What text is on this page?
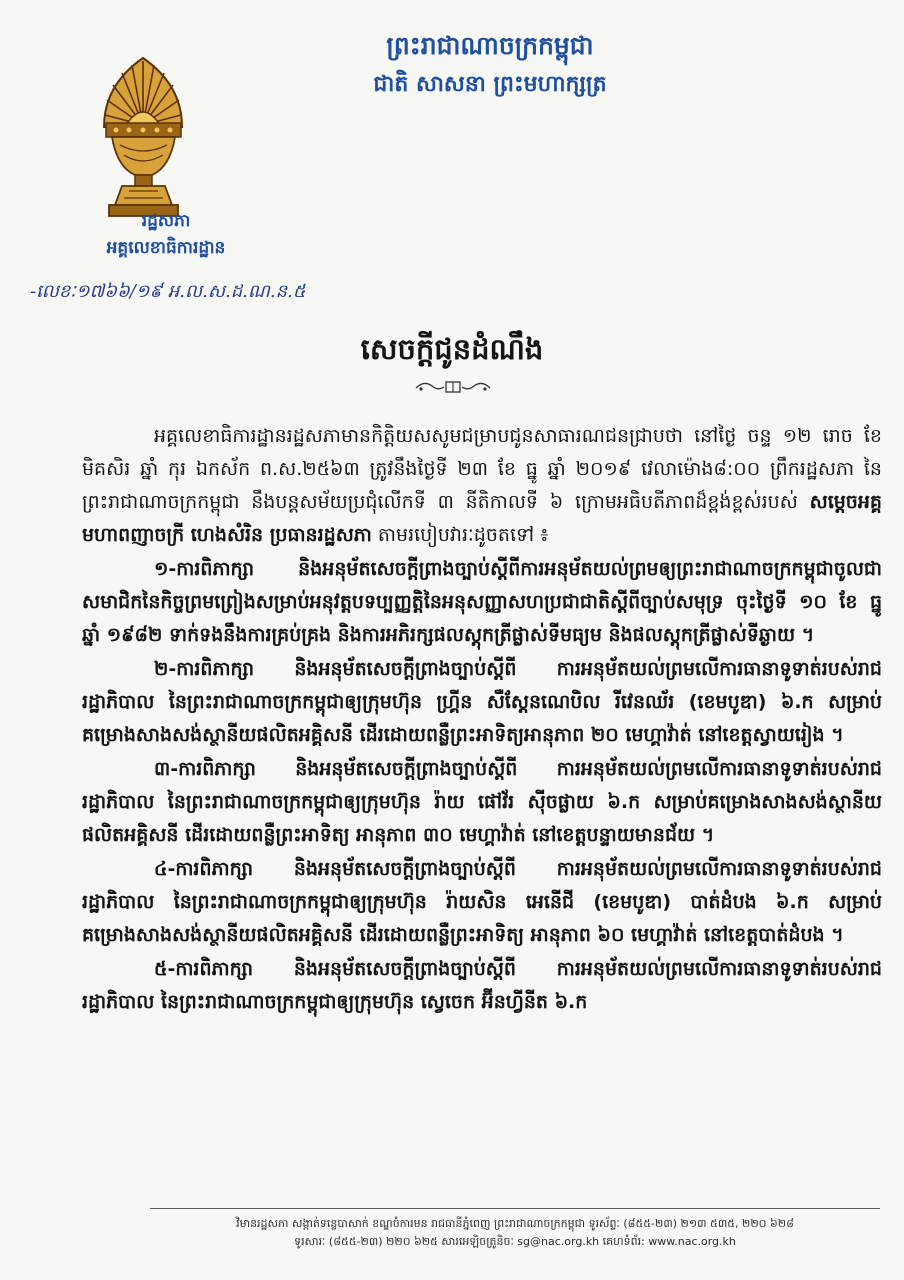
ព្រះរាជាណាចក្រកម្ពុជា
ជាតិ សាសនា ព្រះមហាក្សត្រ
រដ្ឋសភា
អគ្គលេខាធិការដ្ឋាន
-លេខៈ១៧៦៦/១៩ អ.ល.ស.ដ.ណ.ន.៥
សេចក្តីជូនដំណឹង

អគ្គលេខាធិការដ្ឋានរដ្ឋសភាមានកិត្តិយសសូមជម្រាបជូនសាធារណជនជ្រាបថា នៅថ្ងៃ ចន្ទ ១២ រោច ខែ មិគសិរ ឆ្នាំ កុរ ឯកស័ក ព.ស.២៥៦៣ ត្រូវនឹងថ្ងៃទី ២៣ ខែ ធ្នូ ឆ្នាំ ២០១៩ វេលាម៉ោង៨:០០ ព្រឹករដ្ឋសភា នៃព្រះរាជាណាចក្រកម្ពុជា នឹងបន្តសម័យប្រជុំលើកទី ៣ នីតិកាលទី ៦ ក្រោមអធិបតីភាពដ៏ខ្ពង់ខ្ពស់របស់ សម្តេចអគ្គមហាពញាចក្រី ហេងសំរិន ប្រធានរដ្ឋសភា តាមរបៀបវារៈដូចតទៅ ៖

១-ការពិភាក្សា និងអនុម័តសេចក្តីព្រាងច្បាប់ស្តីពីការអនុម័តយល់ព្រមឲ្យព្រះរាជាណាចក្រកម្ពុជាចូលជាសមាជិកនៃកិច្ចព្រមព្រៀងសម្រាប់អនុវត្តបទប្បញ្ញត្តិនៃអនុសញ្ញាសហប្រជាជាតិស្តីពីច្បាប់សមុទ្រ ចុះថ្ងៃទី ១០ ខែ ធ្នូ ឆ្នាំ ១៩៨២ ទាក់ទងនឹងការគ្រប់គ្រង និងការអភិរក្សផលស្តុកត្រីផ្លាស់ទីមធ្យម និងផលស្តុកត្រីផ្លាស់ទីឆ្ងាយ ។

២-ការពិភាក្សា និងអនុម័តសេចក្តីព្រាងច្បាប់ស្តីពី ការអនុម័តយល់ព្រមលើការធានាទូទាត់របស់រាជរដ្ឋាភិបាល នៃព្រះរាជាណាចក្រកម្ពុជាឲ្យក្រុមហ៊ុន ហ្គ្រីន សឺស្តែនណេបិល រីវេនឈ័រ (ខេមបូឌា) ៦.ក សម្រាប់គម្រោងសាងសង់ស្ថានីយផលិតអគ្គិសនី ដើរដោយពន្លឺព្រះអាទិត្យអានុភាព ២០ មេហ្គាវ៉ាត់ នៅខេត្តស្វាយរៀង ។

៣-ការពិភាក្សា និងអនុម័តសេចក្តីព្រាងច្បាប់ស្តីពី ការអនុម័តយល់ព្រមលើការធានាទូទាត់របស់រាជរដ្ឋាភិបាល នៃព្រះរាជាណាចក្រកម្ពុជាឲ្យក្រុមហ៊ុន រ៉ាយ ផៅវ័រ ស៊ីចផ្លាយ ៦.ក សម្រាប់គម្រោងសាងសង់ស្ថានីយផលិតអគ្គិសនី ដើរដោយពន្លឺព្រះអាទិត្យ អានុភាព ៣០ មេហ្គាវ៉ាត់ នៅខេត្តបន្ទាយមានជ័យ ។

៤-ការពិភាក្សា និងអនុម័តសេចក្តីព្រាងច្បាប់ស្តីពី ការអនុម័តយល់ព្រមលើការធានាទូទាត់របស់រាជរដ្ឋាភិបាល នៃព្រះរាជាណាចក្រកម្ពុជាឲ្យក្រុមហ៊ុន រ៉ាយសិន អេនើជី (ខេមបូឌា) បាត់ដំបង ៦.ក សម្រាប់គម្រោងសាងសង់ស្ថានីយផលិតអគ្គិសនី ដើរដោយពន្លឺព្រះអាទិត្យ អានុភាព ៦០ មេហ្គាវ៉ាត់ នៅខេត្តបាត់ដំបង ។

៥-ការពិភាក្សា និងអនុម័តសេចក្តីព្រាងច្បាប់ស្តីពី ការអនុម័តយល់ព្រមលើការធានាទូទាត់របស់រាជរដ្ឋាភិបាល នៃព្រះរាជាណាចក្រកម្ពុជាឲ្យក្រុមហ៊ុន ស្វេចេក អ៊ីនហ្វីនីត ៦.ក

វិមានរដ្ឋសភា សង្កាត់ទន្លេបាសាក់ ខណ្ឌចំការមន រាជធានីភ្នំពេញ ព្រះរាជាណាចក្រកម្ពុជា ទូរស័ព្ទៈ (៨៥៥-២៣) ២១៣ ៥៣៥, ២២០ ៦២៨
ទូរសារៈ (៨៥៥-២៣) ២២០ ៦២៥ សារអេឡិចត្រូនិចៈ sg@nac.org.kh គេហទំព័រ: www.nac.org.kh
